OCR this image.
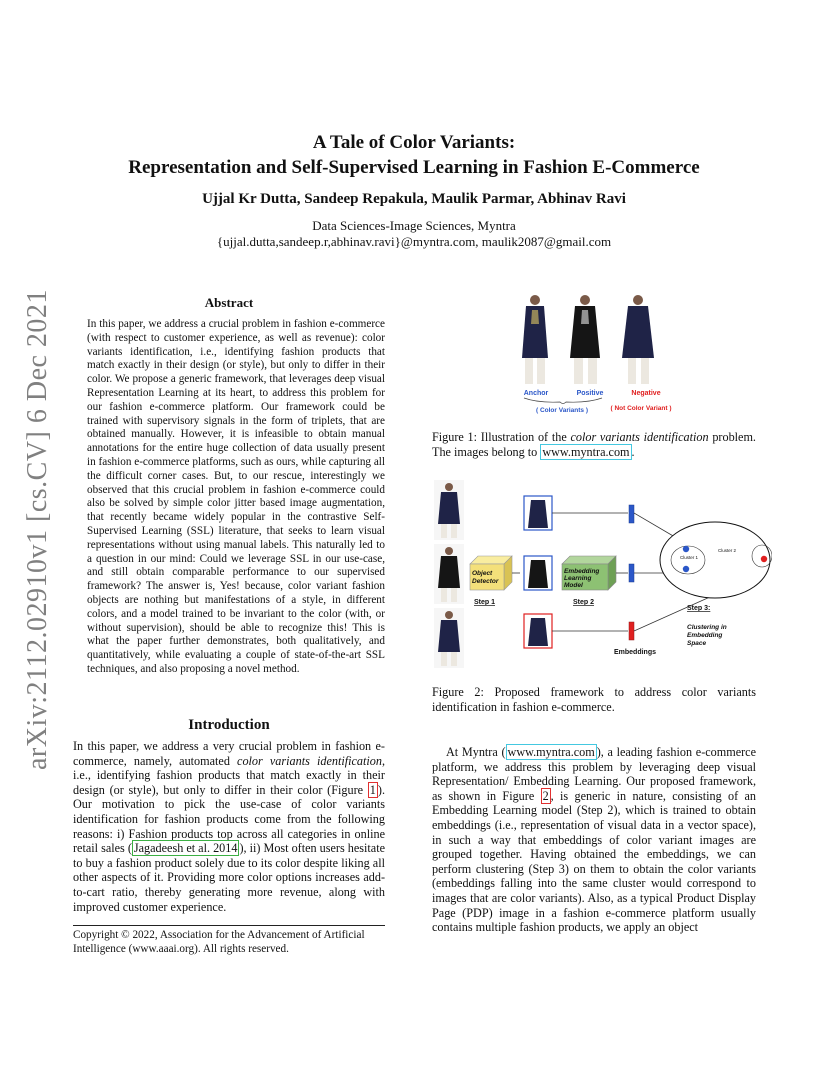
A Tale of Color Variants:
Representation and Self-Supervised Learning in Fashion E-Commerce
Ujjal Kr Dutta, Sandeep Repakula, Maulik Parmar, Abhinav Ravi
Data Sciences-Image Sciences, Myntra
{ujjal.dutta,sandeep.r,abhinav.ravi}@myntra.com, maulik2087@gmail.com
arXiv:2112.02910v1 [cs.CV] 6 Dec 2021	Abstract
In this paper, we address a crucial problem in fashion e-commerce (with respect to customer experience, as well as revenue): color variants identification, i.e., identifying fashion products that match exactly in their design (or style), but only to differ in their color. We propose a generic framework, that leverages deep visual Representation Learning at its heart, to address this problem for our fashion e-commerce platform. Our framework could be trained with supervisory signals in the form of triplets, that are obtained manually. However, it is infeasible to obtain manual annotations for the entire huge collection of data usually present in fashion e-commerce platforms, such as ours, while capturing all the difficult corner cases. But, to our rescue, interestingly we observed that this crucial problem in fashion e-commerce could also be solved by simple color jitter based image augmentation, that recently became widely popular in the contrastive Self-Supervised Learning (SSL) literature, that seeks to learn visual representations without using manual labels. This naturally led to a question in our mind: Could we leverage SSL in our use-case, and still obtain comparable performance to our supervised framework? The answer is, Yes! because, color variant fashion objects are nothing but manifestations of a style, in different colors, and a model trained to be invariant to the color (with, or without supervision), should be able to recognize this! This is what the paper further demonstrates, both qualitatively, and quantitatively, while evaluating a couple of state-of-the-art SSL techniques, and also proposing a novel method.
Introduction
In this paper, we address a very crucial problem in fashion e-commerce, namely, automated color variants identification, i.e., identifying fashion products that match exactly in their design (or style), but only to differ in their color (Figure 1 ). Our motivation to pick the use-case of color variants identification for fashion products come from the following reasons: i) Fashion products top across all categories in online retail sales ( Jagadeesh et al. 2014 ), ii) Most often users hesitate to buy a fashion product solely due to its color despite liking all other aspects of it. Providing more color options increases add-to-cart ratio, thereby generating more revenue, along with improved customer experience.
Copyright © 2022, Association for the Advancement of Artificial Intelligence (www.aaai.org). All rights reserved.
Anchor	Positive	Negative
( Color Variants )	( Not Color Variant )
Figure 1: Illustration of the color variants identification problem. The images belong to www.myntra.com .
Object Detector
Step 1
Embedding Learning Model
Step 2
Embeddings
Cluster 1
Cluster 2
Step 3:
Clustering in Embedding Space
Figure 2: Proposed framework to address color variants identification in fashion e-commerce.
At Myntra ( www.myntra.com ), a leading fashion e-commerce platform, we address this problem by leveraging deep visual Representation/ Embedding Learning. Our proposed framework, as shown in Figure 2 , is generic in nature, consisting of an Embedding Learning model (Step 2), which is trained to obtain embeddings (i.e., representation of visual data in a vector space), in such a way that embeddings of color variant images are grouped together. Having obtained the embeddings, we can perform clustering (Step 3) on them to obtain the color variants (embeddings falling into the same cluster would correspond to images that are color variants). Also, as a typical Product Display Page (PDP) image in a fashion e-commerce platform usually contains multiple fashion products, we apply an object
